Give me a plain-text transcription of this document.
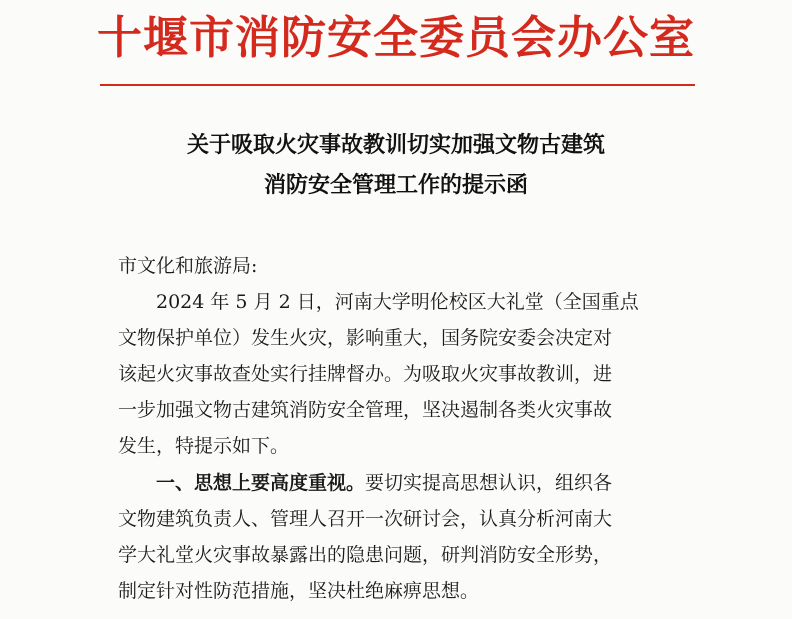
十堰市消防安全委员会办公室
关于吸取火灾事故教训切实加强文物古建筑
消防安全管理工作的提示函
市文化和旅游局:
2024 年 5 月 2 日，河南大学明伦校区大礼堂（全国重点
文物保护单位）发生火灾，影响重大，国务院安委会决定对
该起火灾事故查处实行挂牌督办。为吸取火灾事故教训，进
一步加强文物古建筑消防安全管理，坚决遏制各类火灾事故
发生，特提示如下。
一、思想上要高度重视。要切实提高思想认识，组织各
文物建筑负责人、管理人召开一次研讨会，认真分析河南大
学大礼堂火灾事故暴露出的隐患问题，研判消防安全形势，
制定针对性防范措施，坚决杜绝麻痹思想。
